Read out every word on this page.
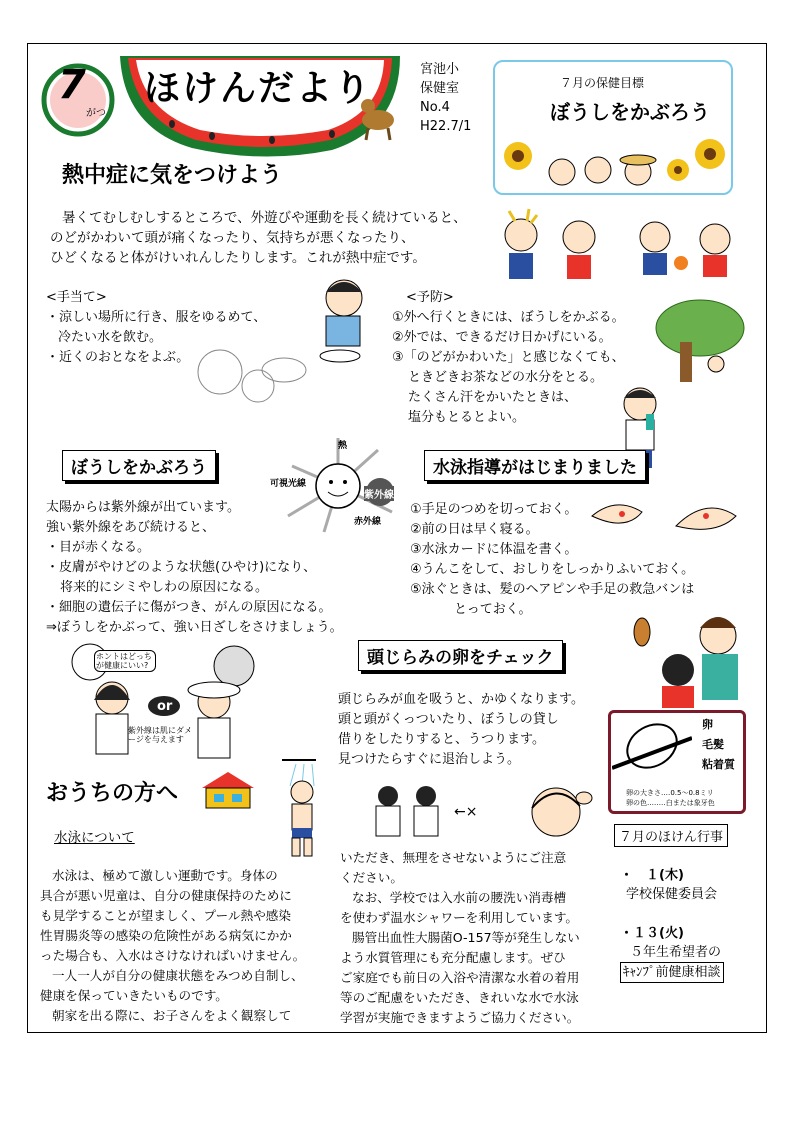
7
がつ
ほけんだより	宮池小
保健室
No.4
H22.7/1
７月の保健目標
ぼうしをかぶろう
熱中症に気をつけよう
暑くてむしむしするところで、外遊びや運動を長く続けていると、
のどがかわいて頭が痛くなったり、気持ちが悪くなったり、
ひどくなると体がけいれんしたりします。これが熱中症です。
<手当て>
・涼しい場所に行き、服をゆるめて、
冷たい水を飲む。
・近くのおとなをよぶ。
<予防>
①外へ行くときには、ぼうしをかぶる。
②外では、できるだけ日かげにいる。
③「のどがかわいた」と感じなくても、
ときどきお茶などの水分をとる。
たくさん汗をかいたときは、
塩分もとるとよい。
ぼうしをかぶろう
熱
可視光線
紫外線
赤外線
太陽からは紫外線が出ています。
強い紫外線をあび続けると、
・目が赤くなる。
・皮膚がやけどのような状態(ひやけ)になり、
将来的にシミやしわの原因になる。
・細胞の遺伝子に傷がつき、がんの原因になる。
⇒ぼうしをかぶって、強い日ざしをさけましょう。
ホントはどっちが健康にいい?
or
紫外線は肌にダメージを与えます
水泳指導がはじまりました
①手足のつめを切っておく。
②前の日は早く寝る。
③水泳カードに体温を書く。
④うんこをして、おしりをしっかりふいておく。
⑤泳ぐときは、髪のヘアピンや手足の救急バンは
とっておく。
頭じらみの卵をチェック
頭じらみが血を吸うと、かゆくなります。
頭と頭がくっついたり、ぼうしの貸し
借りをしたりすると、うつります。
見つけたらすぐに退治しよう。
卵
毛髪
粘着質
卵の大きさ‥‥0.5～0.8ミリ
卵の色‥‥‥‥白または象牙色
←×
おうちの方へ
水泳について
水泳は、極めて激しい運動です。身体の
具合が悪い児童は、自分の健康保持のために
も見学することが望ましく、プール熱や感染
性胃腸炎等の感染の危険性がある病気にかか
った場合も、入水はさけなければいけません。
一人一人が自分の健康状態をみつめ自制し、
健康を保っていきたいものです。
朝家を出る際に、お子さんをよく観察して
いただき、無理をさせないようにご注意
ください。
なお、学校では入水前の腰洗い消毒槽
を使わず温水シャワーを利用しています。
腸管出血性大腸菌O-157等が発生しない
よう水質管理にも充分配慮します。ぜひ
ご家庭でも前日の入浴や清潔な水着の着用
等のご配慮をいただき、きれいな水で水泳
学習が実施できますようご協力ください。
７月のほけん行事
・　１(木)
学校保健委員会
・１３(火)
５年生希望者の
ｷｬﾝﾌﾟ前健康相談
